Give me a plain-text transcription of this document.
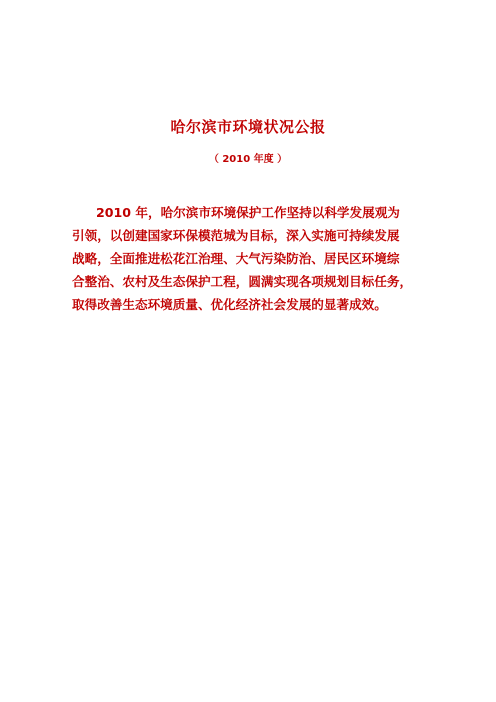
哈尔滨市环境状况公报
（ 2010 年度 ）
2010 年，哈尔滨市环境保护工作坚持以科学发展观为
引领，以创建国家环保模范城为目标，深入实施可持续发展
战略，全面推进松花江治理、大气污染防治、居民区环境综
合整治、农村及生态保护工程，圆满实现各项规划目标任务，
取得改善生态环境质量、优化经济社会发展的显著成效。
